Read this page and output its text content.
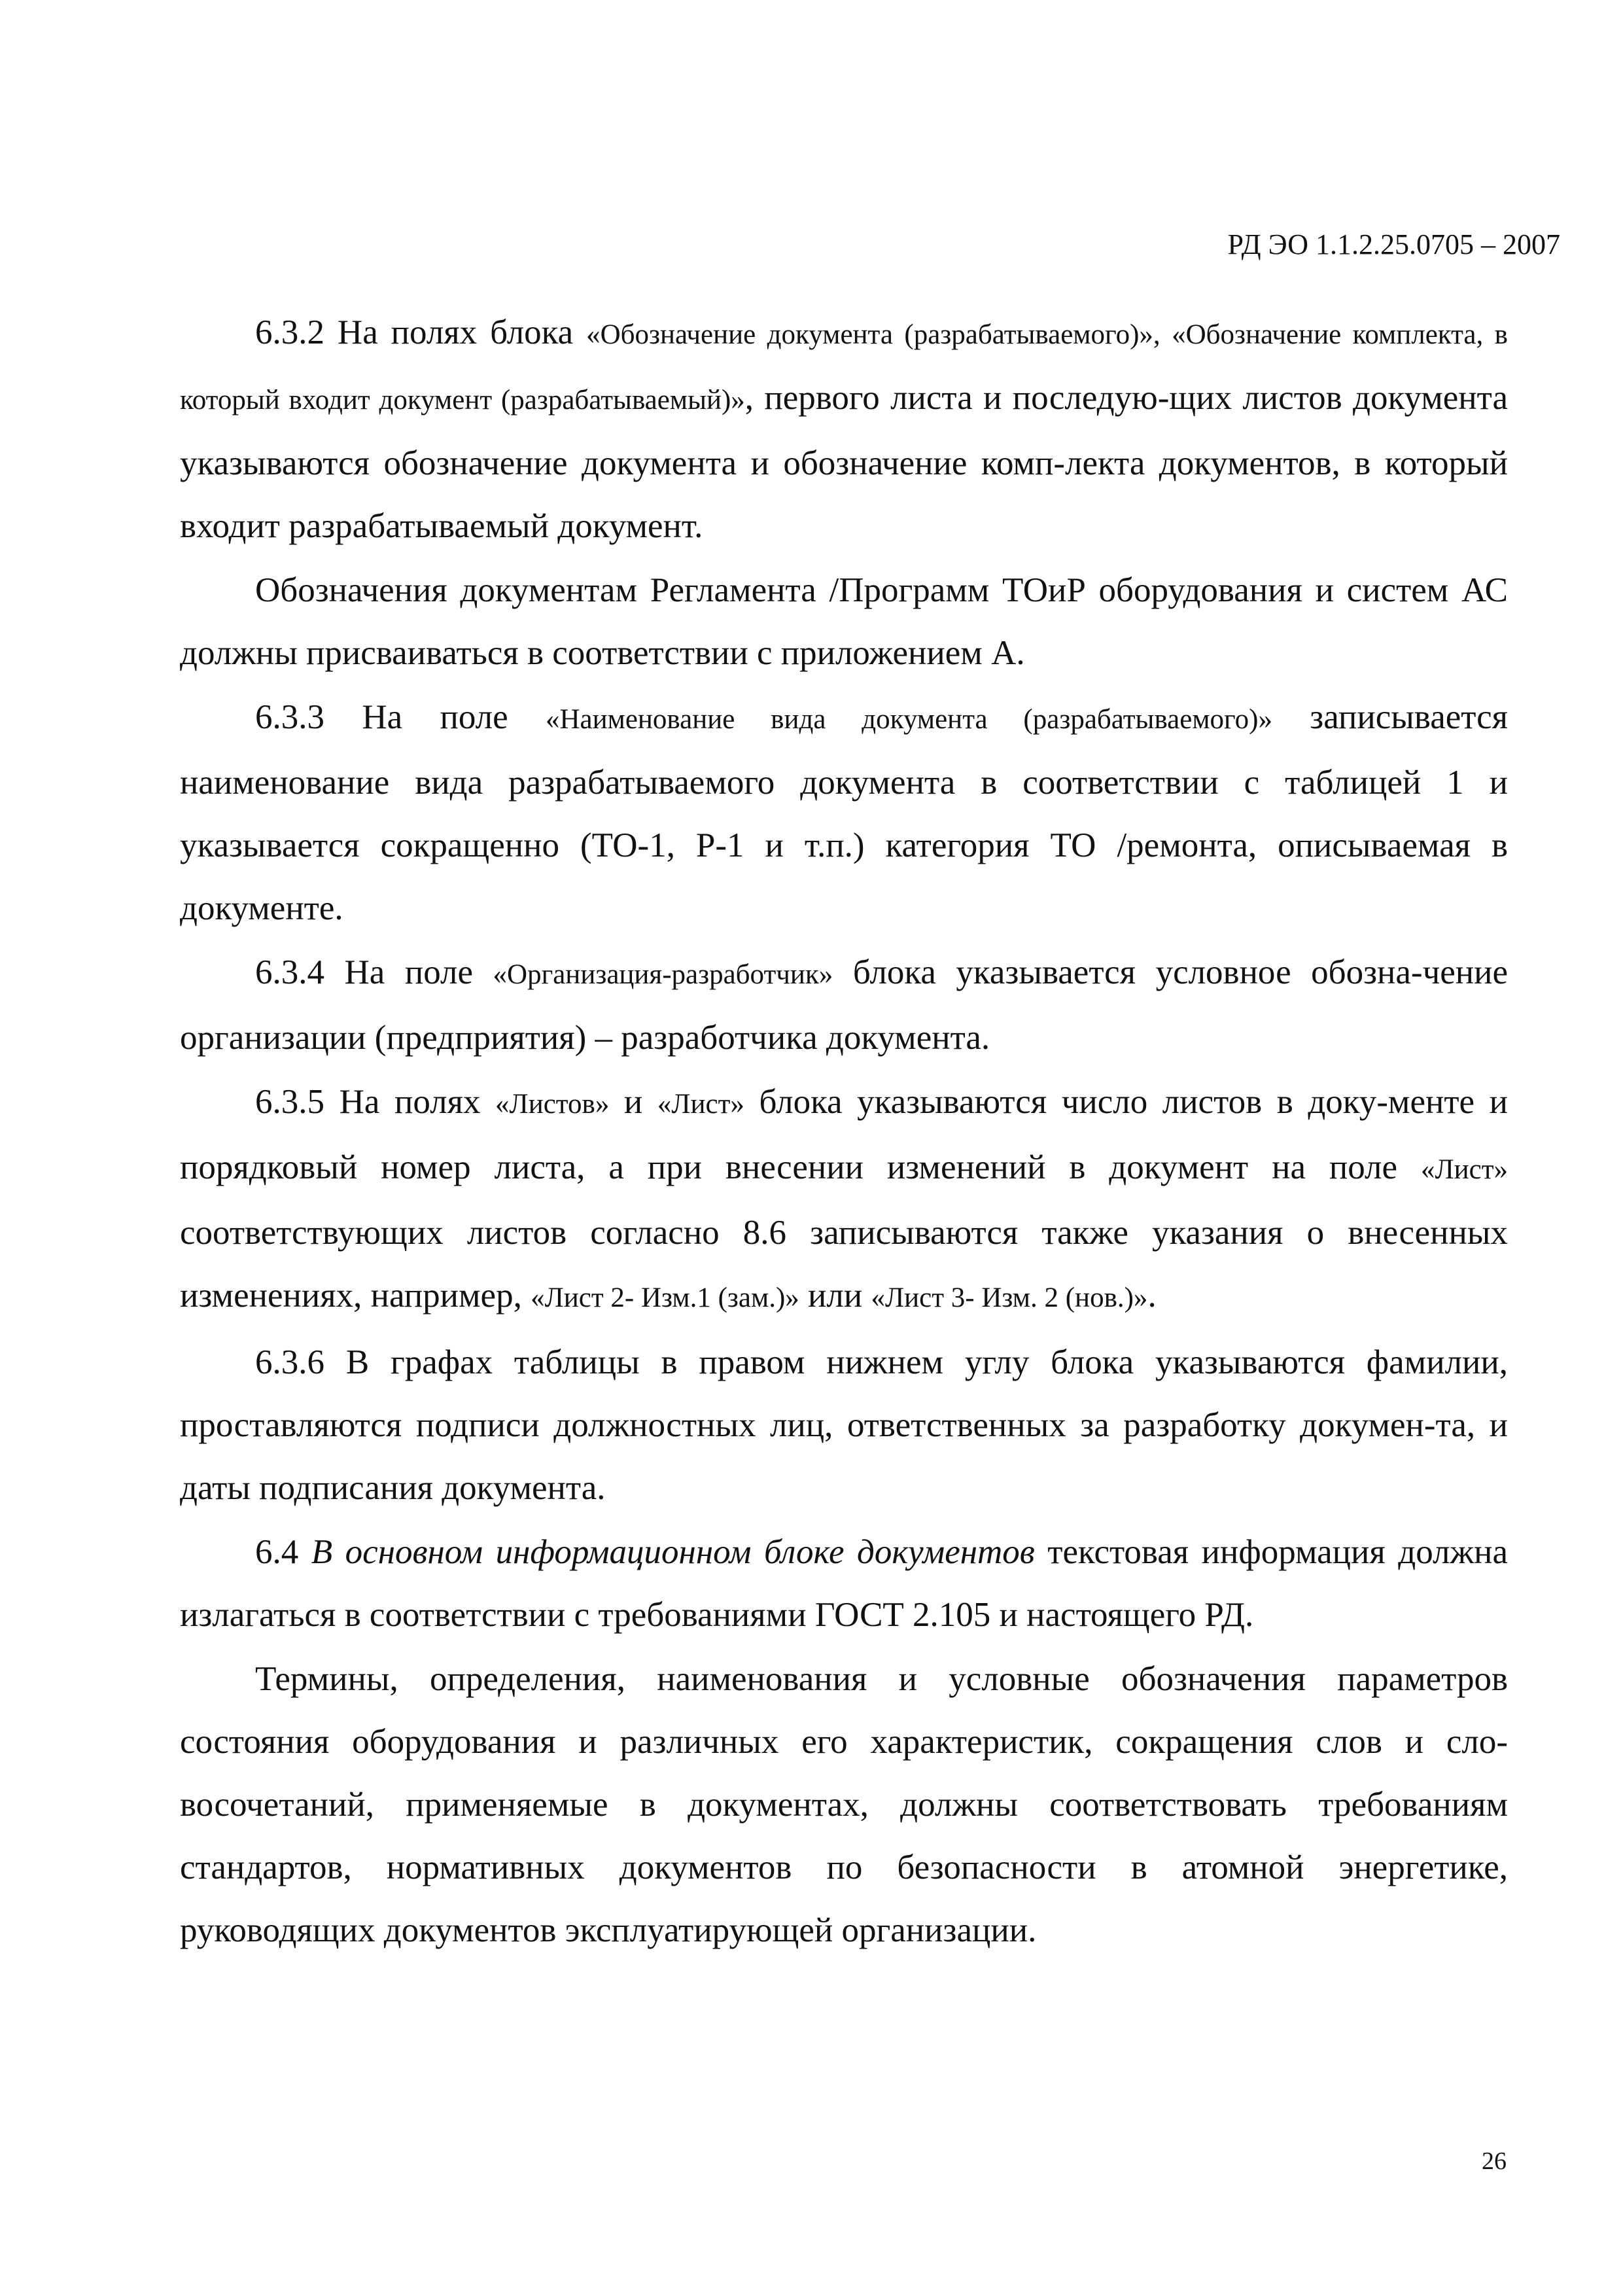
РД ЭО 1.1.2.25.0705 – 2007

6.3.2 На полях блока «Обозначение документа (разрабатываемого)», «Обозначение комплекта, в который входит документ (разрабатываемый)», первого листа и последую-щих листов документа указываются обозначение документа и обозначение комп-лекта документов, в который входит разрабатываемый документ.

Обозначения документам Регламента /Программ ТОиР оборудования и систем АС должны присваиваться в соответствии с приложением А.

6.3.3 На поле «Наименование вида документа (разрабатываемого)» записывается наименование вида разрабатываемого документа в соответствии с таблицей 1 и указывается сокращенно (ТО-1, Р-1 и т.п.) категория ТО /ремонта, описываемая в документе.

6.3.4 На поле «Организация-разработчик» блока указывается условное обозна-чение организации (предприятия) – разработчика документа.

6.3.5 На полях «Листов» и «Лист» блока указываются число листов в доку-менте и порядковый номер листа, а при внесении изменений в документ на поле «Лист» соответствующих листов согласно 8.6 записываются также указания о внесенных изменениях, например, «Лист 2- Изм.1 (зам.)» или «Лист 3- Изм. 2 (нов.)».

6.3.6 В графах таблицы в правом нижнем углу блока указываются фамилии, проставляются подписи должностных лиц, ответственных за разработку докумен-та, и даты подписания документа.

6.4 В основном информационном блоке документов текстовая информация должна излагаться в соответствии с требованиями ГОСТ 2.105 и настоящего РД.

Термины, определения, наименования и условные обозначения параметров состояния оборудования и различных его характеристик, сокращения слов и сло-восочетаний, применяемые в документах, должны соответствовать требованиям стандартов, нормативных документов по безопасности в атомной энергетике, руководящих документов эксплуатирующей организации.

26
